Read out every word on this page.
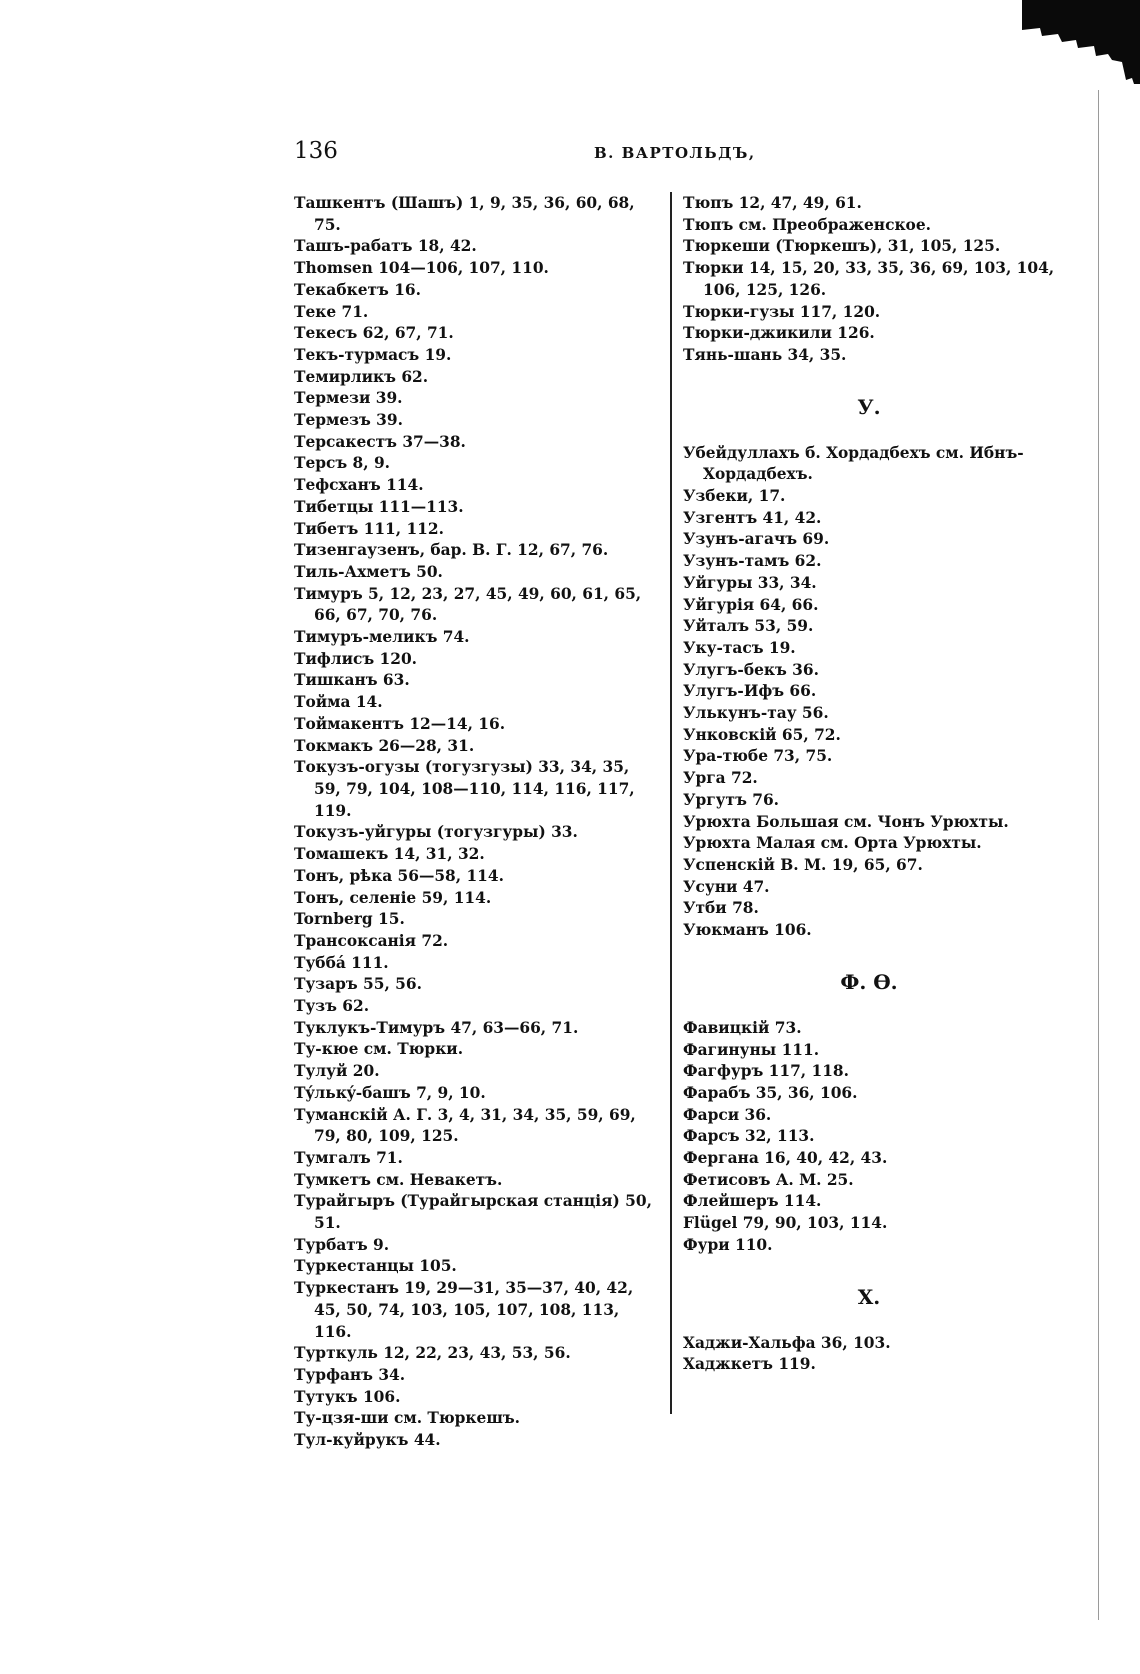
136	В. ВАРТОЛЬДЪ,
Ташкентъ (Шашъ) 1, 9, 35, 36, 60, 68, 75.
Ташъ-рабатъ 18, 42.
Thomsen 104—106, 107, 110.
Текабкетъ 16.
Теке 71.
Текесъ 62, 67, 71.
Текъ-турмасъ 19.
Темирликъ 62.
Термези 39.
Термезъ 39.
Терсакестъ 37—38.
Терсъ 8, 9.
Тефсханъ 114.
Тибетцы 111—113.
Тибетъ 111, 112.
Тизенгаузенъ, бар. В. Г. 12, 67, 76.
Тиль-Ахметъ 50.
Тимуръ 5, 12, 23, 27, 45, 49, 60, 61, 65, 66, 67, 70, 76.
Тимуръ-меликъ 74.
Тифлисъ 120.
Тишканъ 63.
Тойма 14.
Тоймакентъ 12—14, 16.
Токмакъ 26—28, 31.
Токузъ-огузы (тогузгузы) 33, 34, 35, 59, 79, 104, 108—110, 114, 116, 117, 119.
Токузъ-уйгуры (тогузгуры) 33.
Томашекъ 14, 31, 32.
Тонъ, рѣка 56—58, 114.
Тонъ, селеніе 59, 114.
Tornberg 15.
Трансоксанія 72.
Туббá 111.
Тузаръ 55, 56.
Тузъ 62.
Туклукъ-Тимуръ 47, 63—66, 71.
Ту-кюе см. Тюрки.
Тулуй 20.
Тýлькý-башъ 7, 9, 10.
Туманскій А. Г. 3, 4, 31, 34, 35, 59, 69, 79, 80, 109, 125.
Тумгалъ 71.
Тумкетъ см. Невакетъ.
Турайгыръ (Турайгырская станція) 50, 51.
Турбатъ 9.
Туркестанцы 105.
Туркестанъ 19, 29—31, 35—37, 40, 42, 45, 50, 74, 103, 105, 107, 108, 113, 116.
Турткуль 12, 22, 23, 43, 53, 56.
Турфанъ 34.
Тутукъ 106.
Ту-цзя-ши см. Тюркешъ.
Тул-куйрукъ 44.
Тюпъ 12, 47, 49, 61.
Тюпъ см. Преображенское.
Тюркеши (Тюркешъ), 31, 105, 125.
Тюрки 14, 15, 20, 33, 35, 36, 69, 103, 104, 106, 125, 126.
Тюрки-гузы 117, 120.
Тюрки-джикили 126.
Тянь-шань 34, 35.
У.
Убейдуллахъ б. Хордадбехъ см. Ибнъ-Хордадбехъ.
Узбеки, 17.
Узгентъ 41, 42.
Узунъ-агачъ 69.
Узунъ-тамъ 62.
Уйгуры 33, 34.
Уйгурія 64, 66.
Уйталъ 53, 59.
Уку-тасъ 19.
Улугъ-бекъ 36.
Улугъ-Ифъ 66.
Улькунъ-тау 56.
Унковскій 65, 72.
Ура-тюбе 73, 75.
Урга 72.
Ургутъ 76.
Урюхта Большая см. Чонъ Урюхты.
Урюхта Малая см. Орта Урюхты.
Успенскій В. М. 19, 65, 67.
Усуни 47.
Утби 78.
Уюкманъ 106.
Ф. Ѳ.
Фавицкій 73.
Фагинуны 111.
Фагфуръ 117, 118.
Фарабъ 35, 36, 106.
Фарси 36.
Фарсъ 32, 113.
Фергана 16, 40, 42, 43.
Фетисовъ А. М. 25.
Флейшеръ 114.
Flügel 79, 90, 103, 114.
Фури 110.
Х.
Хаджи-Хальфа 36, 103.
Хаджкетъ 119.
